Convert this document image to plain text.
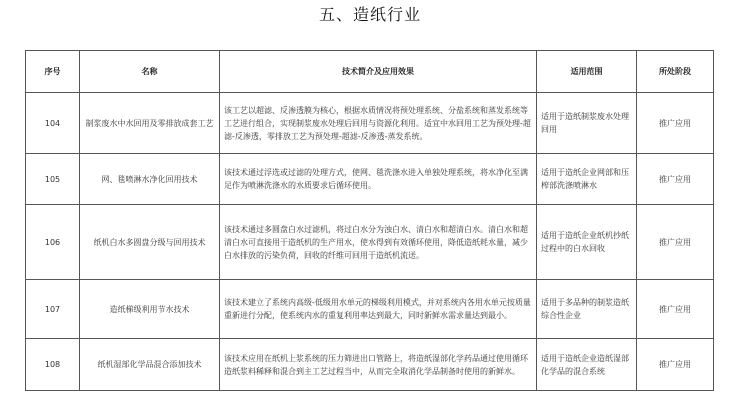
五、造纸行业
序号	名称	技术简介及应用效果	适用范围	所处阶段
104	制浆废水中水回用及零排放成套工艺	该工艺以超滤、反渗透膜为核心，根据水质情况将预处理系统、分盐系统和蒸发系统等工艺进行组合，实现制浆废水处理后回用与资源化利用。适宜中水回用工艺为预处理-超滤-反渗透，零排放工艺为预处理-超滤-反渗透-蒸发系统。	适用于造纸制浆废水处理回用	推广应用
105	网、毯喷淋水净化回用技术	该技术通过浮选或过滤的处理方式，使网、毯洗涤水进入单独处理系统，将水净化至满足作为喷淋洗涤水的水质要求后循环使用。	适用于造纸企业网部和压榨部洗涤喷淋水	推广应用
106	纸机白水多圆盘分级与回用技术	该技术通过多圆盘白水过滤机，将过白水分为浊白水、清白水和超清白水。清白水和超清白水可直接用于造纸机的生产用水，使水得到有效循环使用，降低造纸耗水量，减少白水排放的污染负荷，回收的纤维可回用于造纸机流送。	适用于造纸企业纸机抄纸过程中的白水回收	推广应用
107	造纸梯级利用节水技术	该技术建立了系统内高级-低级用水单元的梯级利用模式，并对系统内各用水单元按质量重新进行分配，使系统内水的重复利用率达到最大，同时新鲜水需求量达到最小。	适用于多品种的制浆造纸综合性企业	推广应用
108	纸机湿部化学品混合添加技术	该技术应用在纸机上浆系统的压力筛进出口管路上，将造纸湿部化学药品通过使用循环造纸浆料稀释和混合到主工艺过程当中，从而完全取消化学品制备时使用的新鲜水。	适用于造纸企业造纸湿部化学品的混合系统	推广应用
